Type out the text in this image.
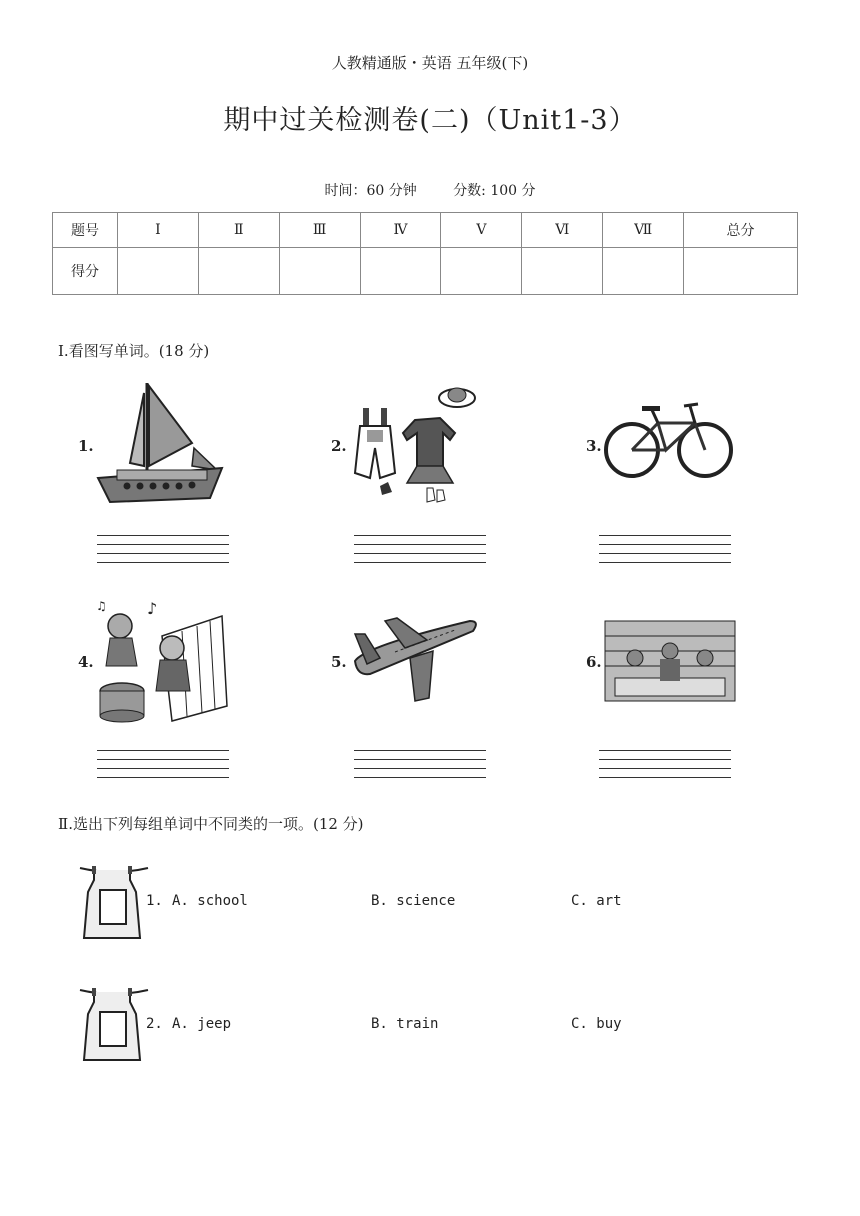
人教精通版・英语 五年级(下)
期中过关检测卷(二)（Unit1-3）
时间：60 分钟	分数: 100 分
题号	Ⅰ	Ⅱ	Ⅲ	Ⅳ	Ⅴ	Ⅵ	Ⅶ	总分
得分								
Ⅰ.看图写单词。(18 分)
1.	2.	3.
4.
♪
♫
5.	6.
Ⅱ.选出下列每组单词中不同类的一项。(12 分)
1. A. school	B. science	C. art
2. A. jeep	B. train	C. buy
